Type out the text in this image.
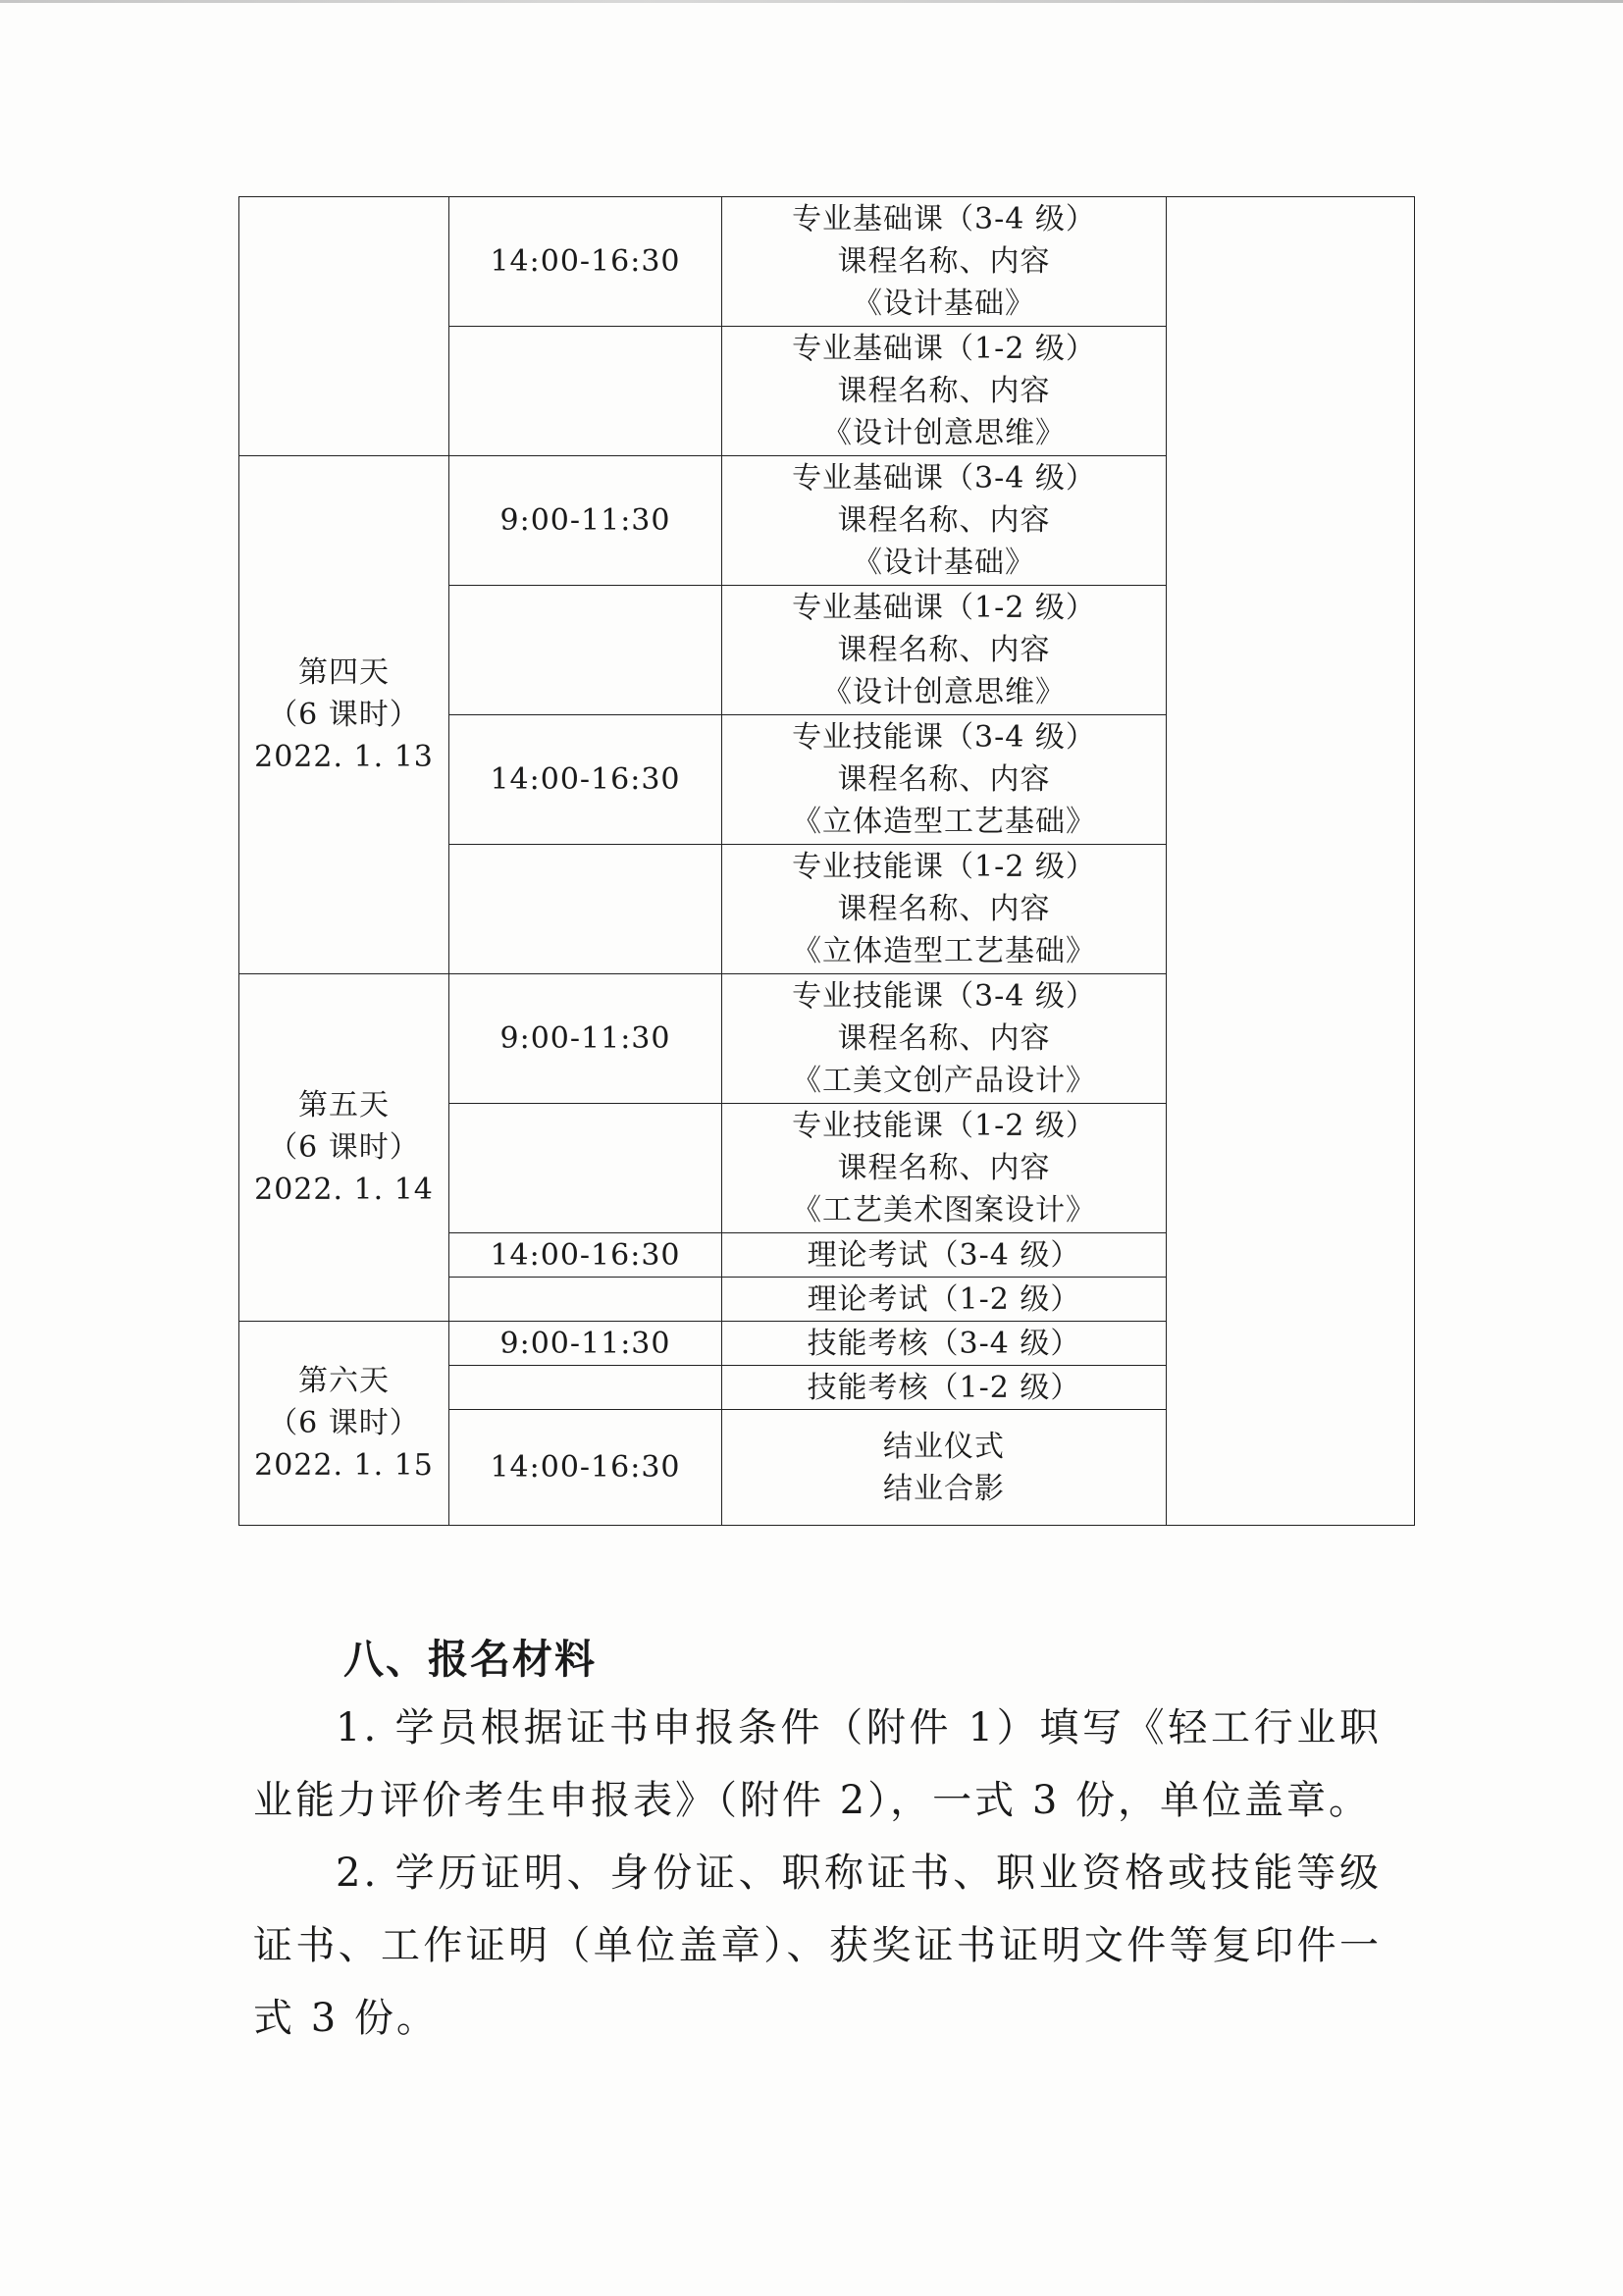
	14:00-16:30	专业基础课（3-4 级）
课程名称、内容
《设计基础》	

		专业基础课（1-2 级）
课程名称、内容
《设计创意思维》	

第四天
（6 课时）
2022. 1. 13	9:00-11:30	专业基础课（3-4 级）
课程名称、内容
《设计基础》	

		专业基础课（1-2 级）
课程名称、内容
《设计创意思维》	

	14:00-16:30	专业技能课（3-4 级）
课程名称、内容
《立体造型工艺基础》	

		专业技能课（1-2 级）
课程名称、内容
《立体造型工艺基础》	

第五天
（6 课时）
2022. 1. 14	9:00-11:30	专业技能课（3-4 级）
课程名称、内容
《工美文创产品设计》	

		专业技能课（1-2 级）
课程名称、内容
《工艺美术图案设计》	

	14:00-16:30	理论考试（3-4 级）	
		理论考试（1-2 级）	

第六天
（6 课时）
2022. 1. 15	9:00-11:30	技能考核（3-4 级）	
		技能考核（1-2 级）	
	14:00-16:30	结业仪式
结业合影	
八、报名材料

1. 学员根据证书申报条件（附件 1）填写《轻工行业职业能力评价考生申报表》（附件 2），一式 3 份，单位盖章。

2. 学历证明、身份证、职称证书、职业资格或技能等级证书、工作证明（单位盖章）、获奖证书证明文件等复印件一式 3 份。
